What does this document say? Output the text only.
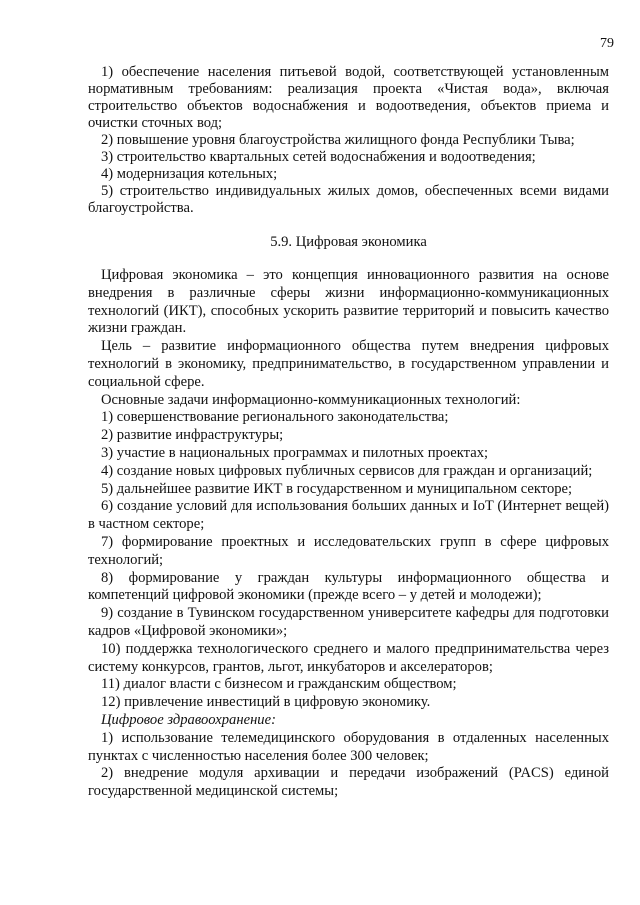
79

1) обеспечение населения питьевой водой, соответствующей установленным нормативным требованиям: реализация проекта «Чистая вода», включая строительство объектов водоснабжения и водоотведения, объектов приема и очистки сточных вод;

2) повышение уровня благоустройства жилищного фонда Республики Тыва;

3) строительство квартальных сетей водоснабжения и водоотведения;

4) модернизация котельных;

5) строительство индивидуальных жилых домов, обеспеченных всеми видами благоустройства.

5.9. Цифровая экономика

Цифровая экономика – это концепция инновационного развития на основе внедрения в различные сферы жизни информационно-коммуникационных технологий (ИКТ), способных ускорить развитие территорий и повысить качество жизни граждан.

Цель – развитие информационного общества путем внедрения цифровых технологий в экономику, предпринимательство, в государственном управлении и социальной сфере.

Основные задачи информационно-коммуникационных технологий:

1) совершенствование регионального законодательства;

2) развитие инфраструктуры;

3) участие в национальных программах и пилотных проектах;

4) создание новых цифровых публичных сервисов для граждан и организаций;

5) дальнейшее развитие ИКТ в государственном и муниципальном секторе;

6) создание условий для использования больших данных и IoT (Интернет вещей) в частном секторе;

7) формирование проектных и исследовательских групп в сфере цифровых технологий;

8) формирование у граждан культуры информационного общества и компетенций цифровой экономики (прежде всего – у детей и молодежи);

9) создание в Тувинском государственном университете кафедры для подготовки кадров «Цифровой экономики»;

10) поддержка технологического среднего и малого предпринимательства через систему конкурсов, грантов, льгот, инкубаторов и акселераторов;

11) диалог власти с бизнесом и гражданским обществом;

12) привлечение инвестиций в цифровую экономику.

Цифровое здравоохранение:

1) использование телемедицинского оборудования в отдаленных населенных пунктах с численностью населения более 300 человек;

2) внедрение модуля архивации и передачи изображений (PACS) единой государственной медицинской системы;
